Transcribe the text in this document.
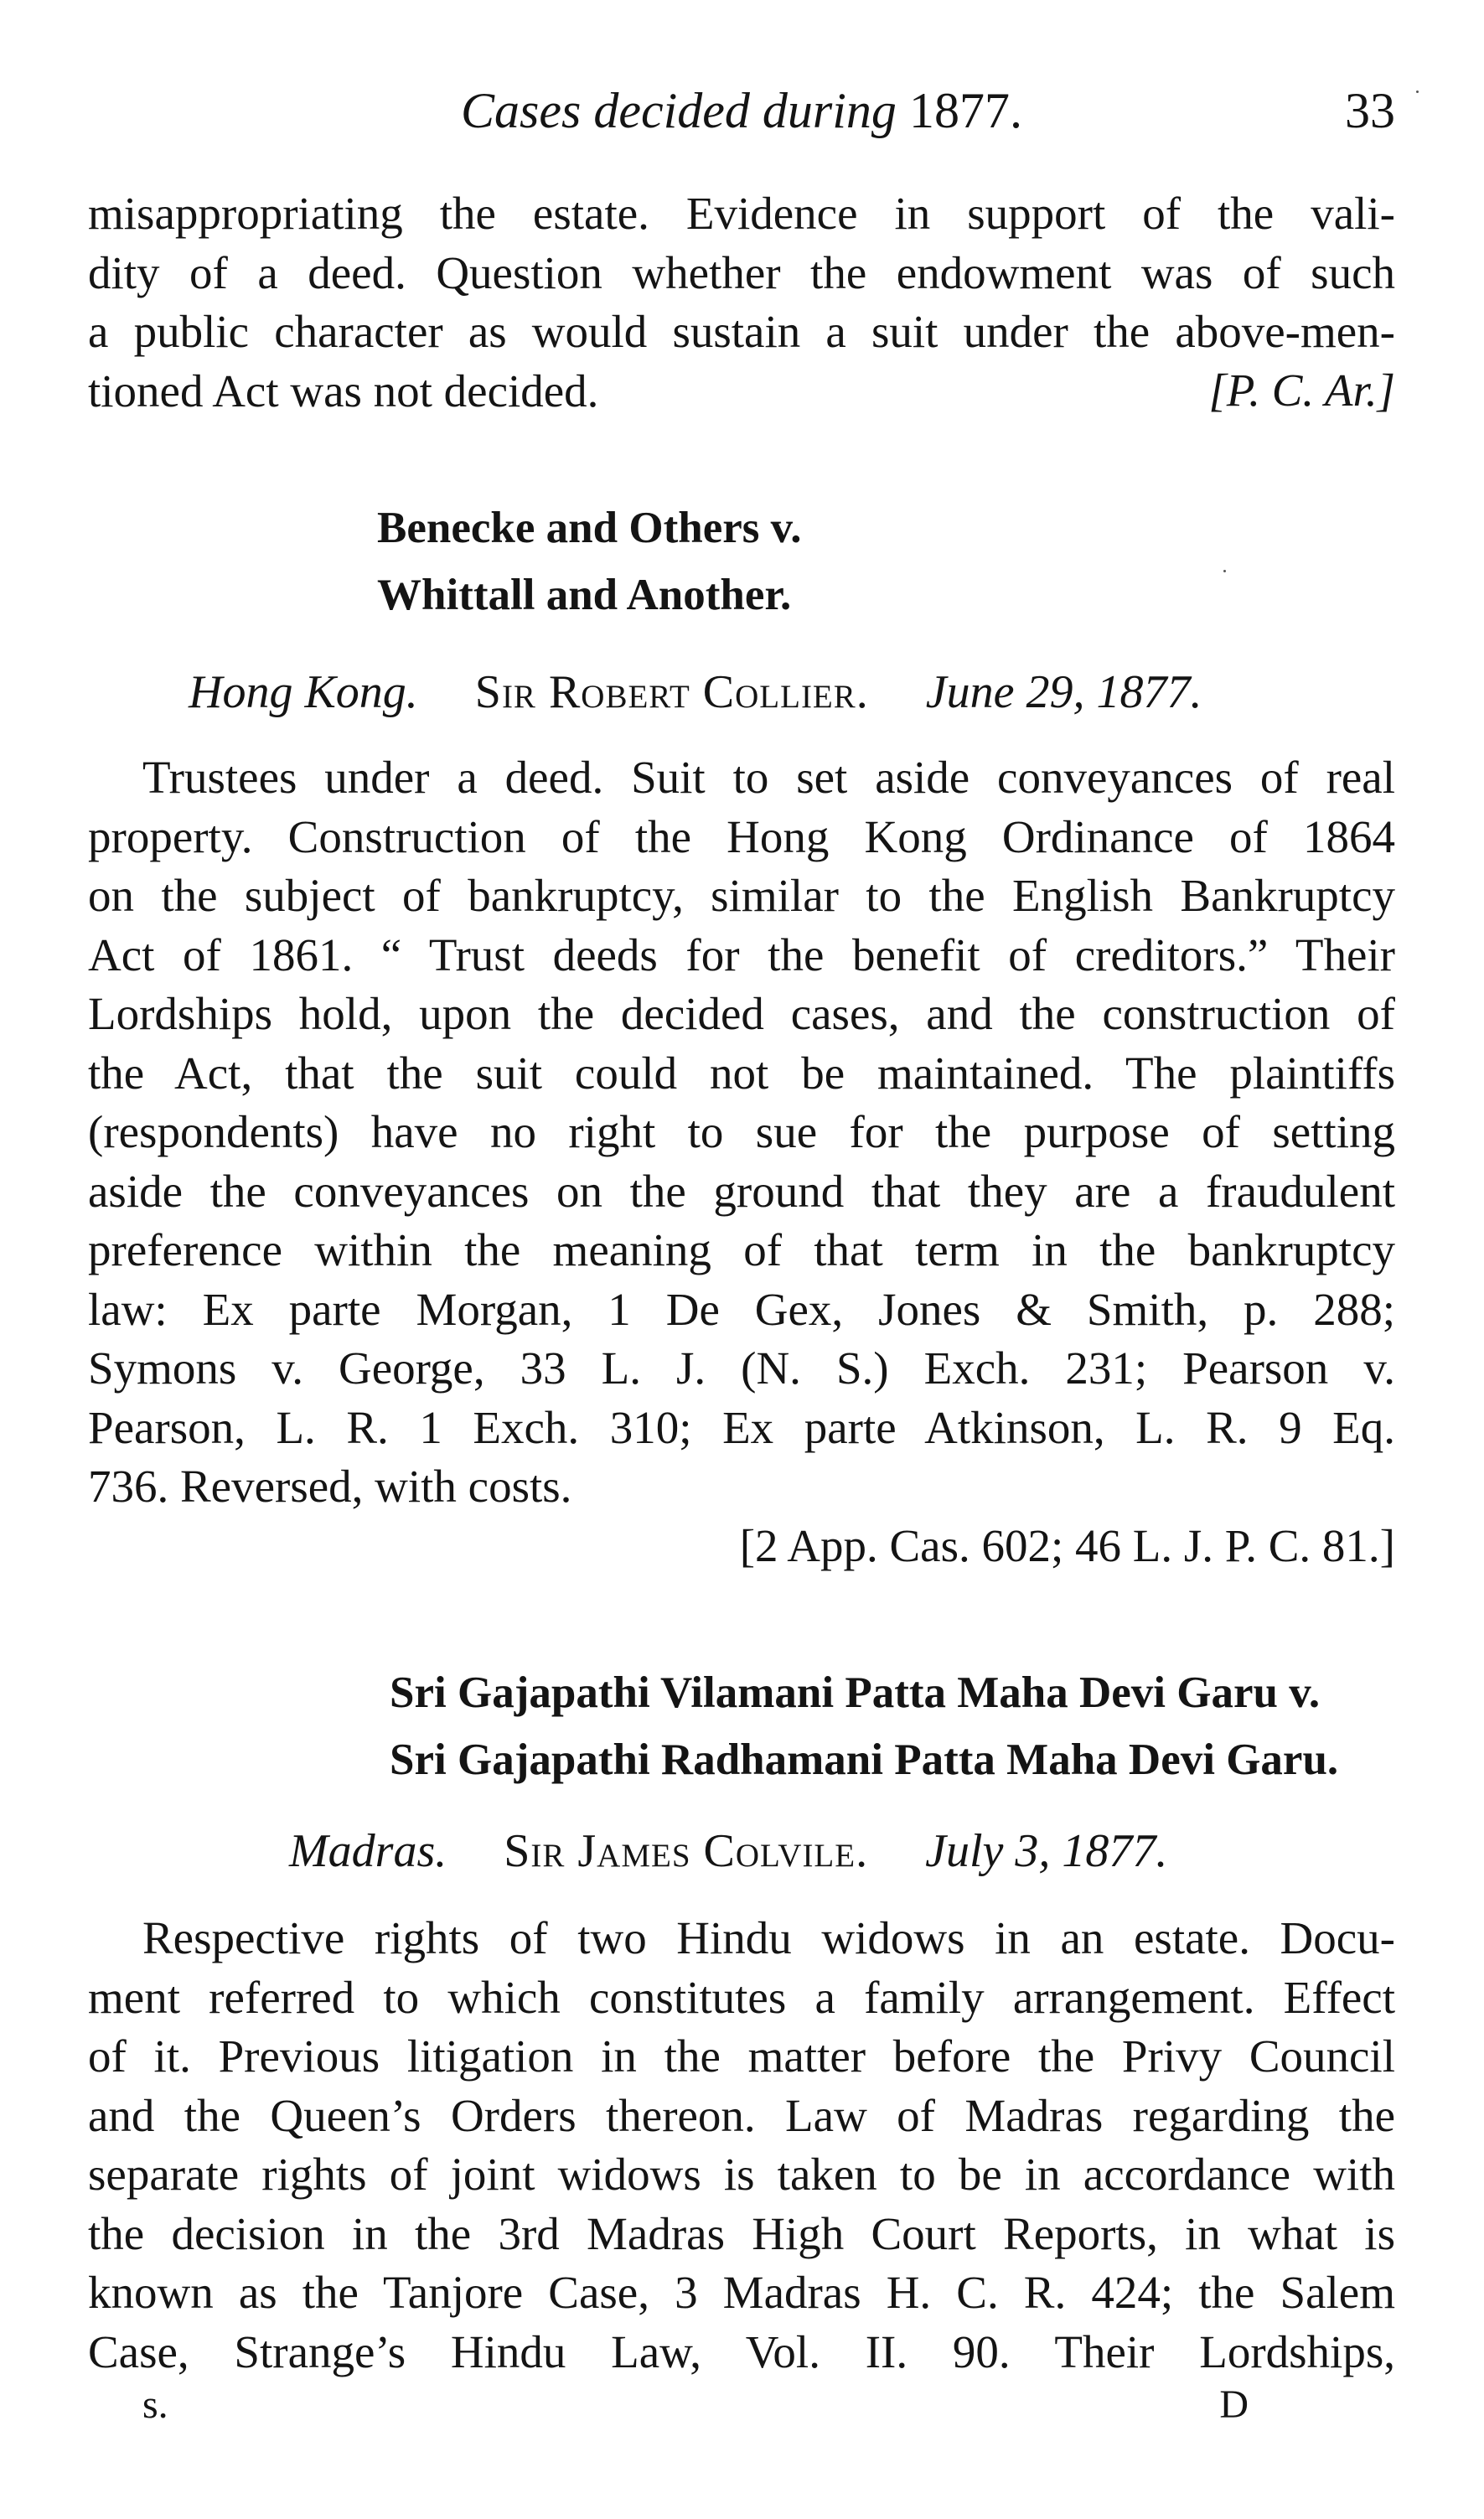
Cases decided during 1877.	33
misappropriating the estate. Evidence in support of the vali-
dity of a deed. Question whether the endowment was of such
a public character as would sustain a suit under the above-men-
tioned Act was not decided.	[P. C. Ar.]
Benecke and Others v.
Whittall and Another.
Hong Kong. Sir Robert Collier. June 29, 1877.
Trustees under a deed. Suit to set aside conveyances of real
property. Construction of the Hong Kong Ordinance of 1864
on the subject of bankruptcy, similar to the English Bankruptcy
Act of 1861. “ Trust deeds for the benefit of creditors.” Their
Lordships hold, upon the decided cases, and the construction of
the Act, that the suit could not be maintained. The plaintiffs
(respondents) have no right to sue for the purpose of setting
aside the conveyances on the ground that they are a fraudulent
preference within the meaning of that term in the bankruptcy
law: Ex parte Morgan, 1 De Gex, Jones & Smith, p. 288;
Symons v. George, 33 L. J. (N. S.) Exch. 231; Pearson v.
Pearson, L. R. 1 Exch. 310; Ex parte Atkinson, L. R. 9 Eq.
736. Reversed, with costs.
[2 App. Cas. 602; 46 L. J. P. C. 81.]
Sri Gajapathi Vilamani Patta Maha Devi Garu v.
Sri Gajapathi Radhamani Patta Maha Devi Garu.
Madras. Sir James Colvile. July 3, 1877.
Respective rights of two Hindu widows in an estate. Docu-
ment referred to which constitutes a family arrangement. Effect
of it. Previous litigation in the matter before the Privy Council
and the Queen’s Orders thereon. Law of Madras regarding the
separate rights of joint widows is taken to be in accordance with
the decision in the 3rd Madras High Court Reports, in what is
known as the Tanjore Case, 3 Madras H. C. R. 424; the Salem
Case, Strange’s Hindu Law, Vol. II. 90. Their Lordships,
s.	D
